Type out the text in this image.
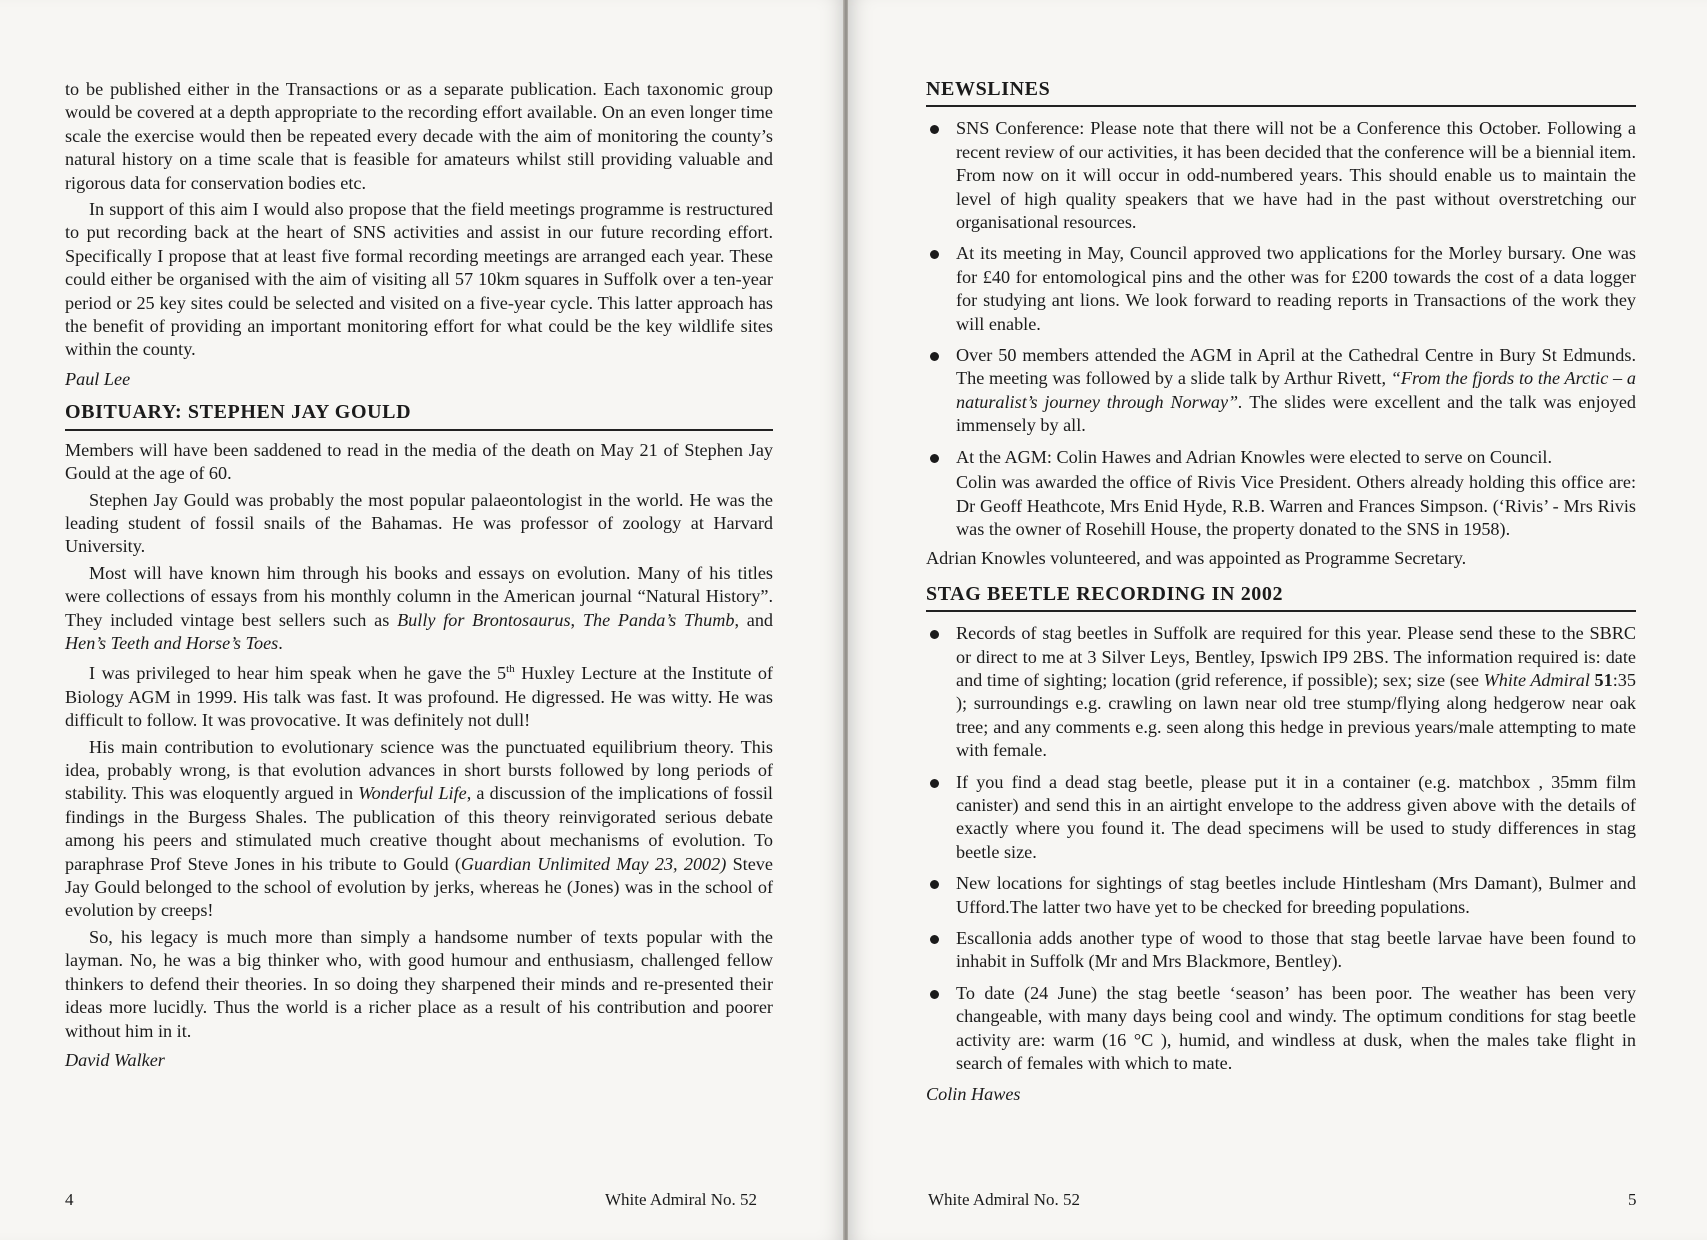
to be published either in the Transactions or as a separate publication. Each taxonomic group would be covered at a depth appropriate to the recording effort available. On an even longer time scale the exercise would then be repeated every decade with the aim of monitoring the county’s natural history on a time scale that is feasible for amateurs whilst still providing valuable and rigorous data for conservation bodies etc.

In support of this aim I would also propose that the field meetings programme is restructured to put recording back at the heart of SNS activities and assist in our future recording effort. Specifically I propose that at least five formal recording meetings are arranged each year. These could either be organised with the aim of visiting all 57 10km squares in Suffolk over a ten-year period or 25 key sites could be selected and visited on a five-year cycle. This latter approach has the benefit of providing an important monitoring effort for what could be the key wildlife sites within the county.

Paul Lee
OBITUARY: STEPHEN JAY GOULD

Members will have been saddened to read in the media of the death on May 21 of Stephen Jay Gould at the age of 60.

Stephen Jay Gould was probably the most popular palaeontologist in the world. He was the leading student of fossil snails of the Bahamas. He was professor of zoology at Harvard University.

Most will have known him through his books and essays on evolution. Many of his titles were collections of essays from his monthly column in the American journal “Natural History”. They included vintage best sellers such as Bully for Brontosaurus, The Panda’s Thumb, and Hen’s Teeth and Horse’s Toes.

I was privileged to hear him speak when he gave the 5th Huxley Lecture at the Institute of Biology AGM in 1999. His talk was fast. It was profound. He digressed. He was witty. He was difficult to follow. It was provocative. It was definitely not dull!

His main contribution to evolutionary science was the punctuated equilibrium theory. This idea, probably wrong, is that evolution advances in short bursts followed by long periods of stability. This was eloquently argued in Wonderful Life, a discussion of the implications of fossil findings in the Burgess Shales. The publication of this theory reinvigorated serious debate among his peers and stimulated much creative thought about mechanisms of evolution. To paraphrase Prof Steve Jones in his tribute to Gould (Guardian Unlimited May 23, 2002) Steve Jay Gould belonged to the school of evolution by jerks, whereas he (Jones) was in the school of evolution by creeps!

So, his legacy is much more than simply a handsome number of texts popular with the layman. No, he was a big thinker who, with good humour and enthusiasm, challenged fellow thinkers to defend their theories. In so doing they sharpened their minds and re-presented their ideas more lucidly. Thus the world is a richer place as a result of his contribution and poorer without him in it.

David Walker
4	White Admiral No. 52
NEWSLINES
SNS Conference: Please note that there will not be a Conference this October. Following a recent review of our activities, it has been decided that the conference will be a biennial item. From now on it will occur in odd-numbered years. This should enable us to maintain the level of high quality speakers that we have had in the past without overstretching our organisational resources.
At its meeting in May, Council approved two applications for the Morley bursary. One was for £40 for entomological pins and the other was for £200 towards the cost of a data logger for studying ant lions. We look forward to reading reports in Transactions of the work they will enable.
Over 50 members attended the AGM in April at the Cathedral Centre in Bury St Edmunds. The meeting was followed by a slide talk by Arthur Rivett, “From the fjords to the Arctic – a naturalist’s journey through Norway”. The slides were excellent and the talk was enjoyed immensely by all.
At the AGM: Colin Hawes and Adrian Knowles were elected to serve on Council.
Colin was awarded the office of Rivis Vice President. Others already holding this office are: Dr Geoff Heathcote, Mrs Enid Hyde, R.B. Warren and Frances Simpson. (‘Rivis’ - Mrs Rivis was the owner of Rosehill House, the property donated to the SNS in 1958).

Adrian Knowles volunteered, and was appointed as Programme Secretary.

STAG BEETLE RECORDING IN 2002
Records of stag beetles in Suffolk are required for this year. Please send these to the SBRC or direct to me at 3 Silver Leys, Bentley, Ipswich IP9 2BS. The information required is: date and time of sighting; location (grid reference, if possible); sex; size (see White Admiral 51:35 ); surroundings e.g. crawling on lawn near old tree stump/flying along hedgerow near oak tree; and any comments e.g. seen along this hedge in previous years/male attempting to mate with female.
If you find a dead stag beetle, please put it in a container (e.g. matchbox , 35mm film canister) and send this in an airtight envelope to the address given above with the details of exactly where you found it. The dead specimens will be used to study differences in stag beetle size.
New locations for sightings of stag beetles include Hintlesham (Mrs Damant), Bulmer and Ufford.The latter two have yet to be checked for breeding populations.
Escallonia adds another type of wood to those that stag beetle larvae have been found to inhabit in Suffolk (Mr and Mrs Blackmore, Bentley).
To date (24 June) the stag beetle ‘season’ has been poor. The weather has been very changeable, with many days being cool and windy. The optimum conditions for stag beetle activity are: warm (16 °C ), humid, and windless at dusk, when the males take flight in search of females with which to mate.
Colin Hawes
White Admiral No. 52	5
